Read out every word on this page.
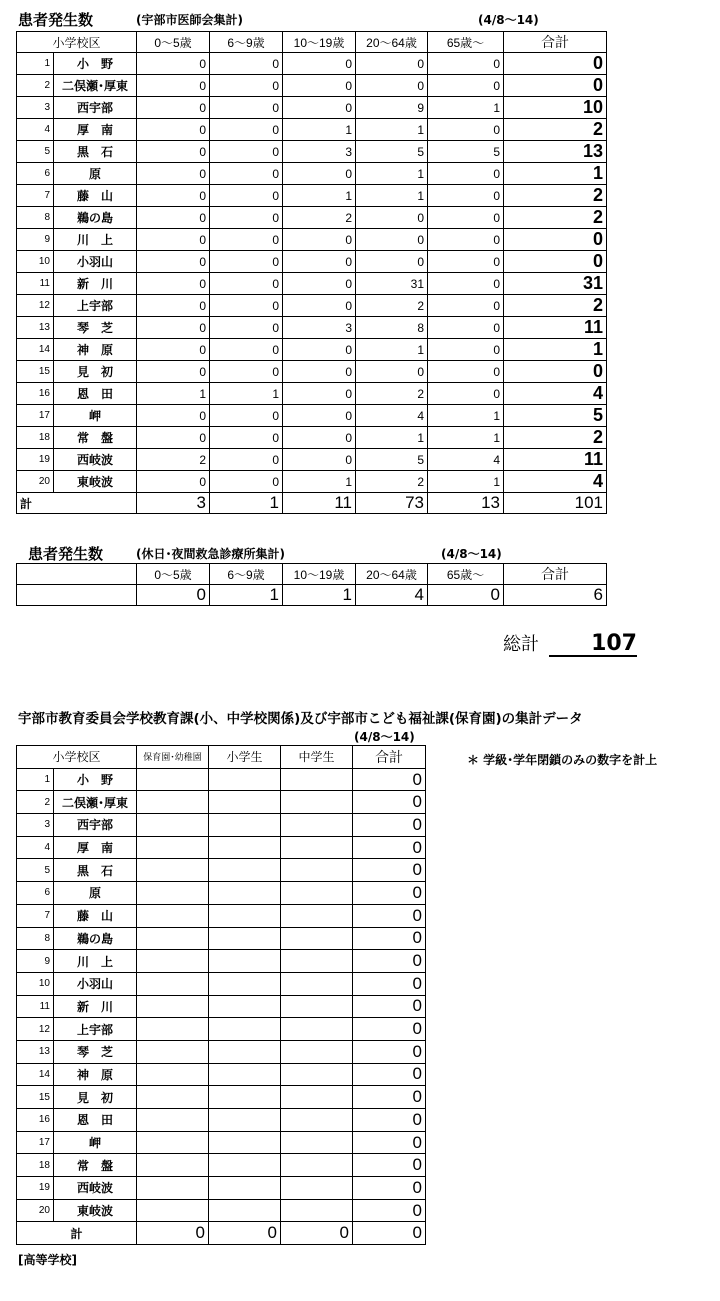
患者発生数	(宇部市医師会集計)	(4/8～14)
小学校区		0～5歳	6～9歳	10～19歳	20～64歳	65歳～	合計
1	小　野	0	0	0	0	0	0
2	二俣瀬･厚東	0	0	0	0	0	0
3	西宇部	0	0	0	9	1	10
4	厚　南	0	0	1	1	0	2
5	黒　石	0	0	3	5	5	13
6	原	0	0	0	1	0	1
7	藤　山	0	0	1	1	0	2
8	鵜の島	0	0	2	0	0	2
9	川　上	0	0	0	0	0	0
10	小羽山	0	0	0	0	0	0
11	新　川	0	0	0	31	0	31
12	上宇部	0	0	0	2	0	2
13	琴　芝	0	0	3	8	0	11
14	神　原	0	0	0	1	0	1
15	見　初	0	0	0	0	0	0
16	恩　田	1	1	0	2	0	4
17	岬	0	0	0	4	1	5
18	常　盤	0	0	0	1	1	2
19	西岐波	2	0	0	5	4	11
20	東岐波	0	0	1	2	1	4
計		3	1	11	73	13	101
患者発生数	(休日･夜間救急診療所集計)	(4/8～14)
	0～5歳	6～9歳	10～19歳	20～64歳	65歳～	合計
	0	1	1	4	0	6
総計 107
宇部市教育委員会学校教育課(小、中学校関係)及び宇部市こども福祉課(保育園)の集計データ
(4/8～14)
＊ 学級･学年閉鎖のみの数字を計上
小学校区		保育園･幼稚園	小学生	中学生	合計
1	小　野				0
2	二俣瀬･厚東				0
3	西宇部				0
4	厚　南				0
5	黒　石				0
6	原				0
7	藤　山				0
8	鵜の島				0
9	川　上				0
10	小羽山				0
11	新　川				0
12	上宇部				0
13	琴　芝				0
14	神　原				0
15	見　初				0
16	恩　田				0
17	岬				0
18	常　盤				0
19	西岐波				0
20	東岐波				0
計		0	0	0	0
[高等学校]
